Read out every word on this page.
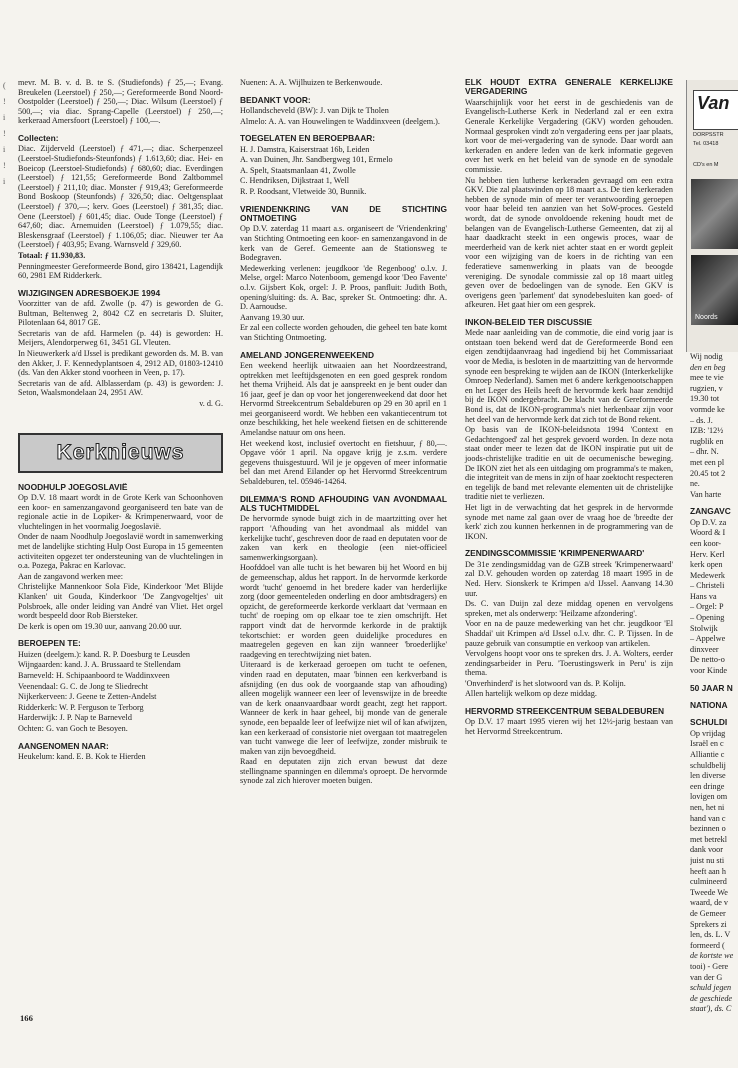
(
!
i
!
i
!
i

mevr. M. B. v. d. B. te S. (Studiefonds) ƒ 25,—; Evang. Breukelen (Leerstoel) ƒ 250,—; Gereformeerde Bond Noord-Oostpolder (Leerstoel) ƒ 250,—; Diac. Wilsum (Leerstoel) ƒ 500,—; via diac. Sprang-Capelle (Leerstoel) ƒ 250,—; kerkeraad Amersfoort (Leerstoel) ƒ 100,—.

Collecten:

Diac. Zijderveld (Leerstoel) ƒ 471,—; diac. Scherpenzeel (Leerstoel-Studiefonds-Steunfonds) ƒ 1.613,60; diac. Hei- en Boeicop (Leerstoel-Studiefonds) ƒ 680,60; diac. Everdingen (Leerstoel) ƒ 121,55; Gereformeerde Bond Zaltbommel (Leerstoel) ƒ 211,10; diac. Monster ƒ 919,43; Gereformeerde Bond Boskoop (Steunfonds) ƒ 326,50; diac. Oeltgensplaat (Leerstoel) ƒ 370,—; kerv. Goes (Leerstoel) ƒ 381,35; diac. Oene (Leerstoel) ƒ 601,45; diac. Oude Tonge (Leerstoel) ƒ 647,60; diac. Arnemuiden (Leerstoel) ƒ 1.079,55; diac. Bleskensgraaf (Leerstoel) ƒ 1.106,05; diac. Nieuwer ter Aa (Leerstoel) ƒ 403,95; Evang. Warnsveld ƒ 329,60.

Totaal: ƒ 11.930,83.

Penningmeester Gereformeerde Bond, giro 138421, Lagendijk 60, 2981 EM Ridderkerk.

WIJZIGINGEN ADRESBOEKJE 1994

Voorzitter van de afd. Zwolle (p. 47) is geworden de G. Bultman, Beltenweg 2, 8042 CZ en secretaris D. Sluiter, Pilotenlaan 64, 8017 GE.

Secretaris van de afd. Harmelen (p. 44) is geworden: H. Meijers, Alendorperweg 61, 3451 GL Vleuten.

In Nieuwerkerk a/d IJssel is predikant geworden ds. M. B. van den Akker, J. F. Kennedyplantsoen 4, 2912 AD, 01803-12410 (ds. Van den Akker stond voorheen in Veen, p. 17).

Secretaris van de afd. Alblasserdam (p. 43) is geworden: J. Seton, Waalsmondelaan 24, 2951 AW.

v. d. G.

Kerknieuws
NOODHULP JOEGOSLAVIË

Op D.V. 18 maart wordt in de Grote Kerk van Schoonhoven een koor- en samenzangavond georganiseerd ten bate van de regionale actie in de Lopiker- & Krimpenerwaard, voor de vluchtelingen in het voormalig Joegoslavië.

Onder de naam Noodhulp Joegoslavië wordt in samenwerking met de landelijke stichting Hulp Oost Europa in 15 gemeenten activiteiten opgezet ter ondersteuning van de vluchtelingen in o.a. Pozega, Pakrac en Karlovac.

Aan de zangavond werken mee:

Christelijke Mannenkoor Sola Fide, Kinderkoor 'Met Blijde Klanken' uit Gouda, Kinderkoor 'De Zangvogeltjes' uit Polsbroek, alle onder leiding van André van Vliet. Het orgel wordt bespeeld door Rob Biersteker.

De kerk is open om 19.30 uur, aanvang 20.00 uur.

BEROEPEN TE:

Huizen (deelgem.): kand. R. P. Doesburg te Leusden

Wijngaarden: kand. J. A. Brussaard te Stellendam

Barneveld: H. Schipaanboord te Waddinxveen

Veenendaal: G. C. de Jong te Sliedrecht

Nijkerkerveen: J. Geene te Zetten-Andelst

Ridderkerk: W. P. Ferguson te Terborg

Harderwijk: J. P. Nap te Barneveld

Ochten: G. van Goch te Besoyen.

AANGENOMEN NAAR:

Heukelum: kand. E. B. Kok te Hierden

Nuenen: A. A. Wijlhuizen te Berkenwoude.

BEDANKT VOOR:

Hollandscheveld (BW): J. van Dijk te Tholen

Almelo: A. A. van Houwelingen te Waddinxveen (deelgem.).

TOEGELATEN EN BEROEPBAAR:

H. J. Damstra, Kaiserstraat 16b, Leiden

A. van Duinen, Jhr. Sandbergweg 101, Ermelo

A. Spelt, Staatsmanlaan 41, Zwolle

C. Hendriksen, Dijkstraat 1, Well

R. P. Roodsant, Vletweide 30, Bunnik.

VRIENDENKRING VAN DE STICHTING ONTMOETING

Op D.V. zaterdag 11 maart a.s. organiseert de 'Vriendenkring' van Stichting Ontmoeting een koor- en samenzangavond in de kerk van de Geref. Gemeente aan de Stationsweg te Bodegraven.

Medewerking verlenen: jeugdkoor 'de Regenboog' o.l.v. J. Melse, orgel: Marco Notenboom, gemengd koor 'Deo Favente' o.l.v. Gijsbert Kok, orgel: J. P. Proos, panfluit: Judith Both, opening/sluiting: ds. A. Bac, spreker St. Ontmoeting: dhr. A. D. Aarnoudse.

Aanvang 19.30 uur.

Er zal een collecte worden gehouden, die geheel ten bate komt van Stichting Ontmoeting.

AMELAND JONGERENWEEKEND

Een weekend heerlijk uitwaaien aan het Noordzeestrand, optrekken met leeftijdsgenoten en een goed gesprek rondom het thema Vrijheid. Als dat je aanspreekt en je bent ouder dan 16 jaar, geef je dan op voor het jongerenweekend dat door het Hervormd Streekcentrum Sebaldeburen op 29 en 30 april en 1 mei georganiseerd wordt. We hebben een vakantiecentrum tot onze beschikking, het hele weekend fietsen en de schitterende Amelandse natuur om ons heen.

Het weekend kost, inclusief overtocht en fietshuur, ƒ 80,—. Opgave vóór 1 april. Na opgave krijg je z.s.m. verdere gegevens thuisgestuurd. Wil je je opgeven of meer informatie bel dan met Arend Eilander op het Hervormd Streekcentrum Sebaldeburen, tel. 05946-14264.

DILEMMA'S ROND AFHOUDING VAN AVONDMAAL ALS TUCHTMIDDEL

De hervormde synode buigt zich in de maartzitting over het rapport 'Afhouding van het avondmaal als middel van kerkelijke tucht', geschreven door de raad en deputaten voor de zaken van kerk en theologie (een niet-officieel samenwerkingsorgaan).

Hoofddoel van alle tucht is het bewaren bij het Woord en bij de gemeenschap, aldus het rapport. In de hervormde kerkorde wordt 'tucht' genoemd in het bredere kader van herderlijke zorg (door gemeenteleden onderling en door ambtsdragers) en opzicht, de gereformeerde kerkorde verklaart dat 'vermaan en tucht' de roeping om op elkaar toe te zien omschrijft. Het rapport vindt dat de hervormde kerkorde in de praktijk tekortschiet: er worden geen duidelijke procedures en maatregelen gegeven en kan zijn wanneer 'broederlijke' raadgeving en terechtwijzing niet baten.

Uiteraard is de kerkeraad geroepen om tucht te oefenen, vinden raad en deputaten, maar 'binnen een kerkverband is afsnijding (en dus ook de voorgaande stap van afhouding) alleen mogelijk wanneer een leer of levenswijze in de breedte van de kerk onaanvaardbaar wordt geacht, zegt het rapport. Wanneer de kerk in haar geheel, bij monde van de generale synode, een bepaalde leer of leefwijze niet wil of kan afwijzen, kan een kerkeraad of consistorie niet overgaan tot maatregelen van tucht vanwege die leer of leefwijze, zonder misbruik te maken van zijn bevoegdheid.

Raad en deputaten zijn zich ervan bewust dat deze stellingname spanningen en dilemma's oproept. De hervormde synode zal zich hierover moeten buigen.

ELK HOUDT EXTRA GENERALE KERKELIJKE VERGADERING

Waarschijnlijk voor het eerst in de geschiedenis van de Evangelisch-Lutherse Kerk in Nederland zal er een extra Generale Kerkelijke Vergadering (GKV) worden gehouden. Normaal gesproken vindt zo'n vergadering eens per jaar plaats, kort voor de mei-vergadering van de synode. Daar wordt aan kerkeraden en andere leden van de kerk informatie gegeven over het werk en het beleid van de synode en de synodale commissie.

Nu hebben tien lutherse kerkeraden gevraagd om een extra GKV. Die zal plaatsvinden op 18 maart a.s. De tien kerkeraden hebben de synode min of meer ter verantwoording geroepen voor haar beleid ten aanzien van het SoW-proces. Gesteld wordt, dat de synode onvoldoende rekening houdt met de belangen van de Evangelisch-Lutherse Gemeenten, dat zij al haar daadkracht steekt in een ongewis proces, waar de meerderheid van de kerk niet achter staat en er wordt gepleit voor een wijziging van de koers in de richting van een federatieve samenwerking in plaats van de beoogde vereniging. De synodale commissie zal op 18 maart uitleg geven over de bedoelingen van de synode. Een GKV is overigens geen 'parlement' dat synodebesluiten kan goed- of afkeuren. Het gaat hier om een gesprek.

INKON-BELEID TER DISCUSSIE

Mede naar aanleiding van de commotie, die eind vorig jaar is ontstaan toen bekend werd dat de Gereformeerde Bond een eigen zendtijdaanvraag had ingediend bij het Commissariaat voor de Media, is besloten in de maartzitting van de hervormde synode een bespreking te wijden aan de IKON (Interkerkelijke Omroep Nederland). Samen met 6 andere kerkgenootschappen en het Leger des Heils heeft de hervormde kerk haar zendtijd bij de IKON ondergebracht. De klacht van de Gereformeerde Bond is, dat de IKON-programma's niet herkenbaar zijn voor het deel van de hervormde kerk dat zich tot de Bond rekent.

Op basis van de IKON-beleidsnota 1994 'Context en Gedachtengoed' zal het gesprek gevoerd worden. In deze nota staat onder meer te lezen dat de IKON inspiratie put uit de joods-christelijke traditie en uit de oecumenische beweging. De IKON ziet het als een uitdaging om programma's te maken, die integriteit van de mens in zijn of haar zoektocht respecteren en tegelijk de band met relevante elementen uit de christelijke traditie niet te verliezen.

Het ligt in de verwachting dat het gesprek in de hervormde synode met name zal gaan over de vraag hoe de 'breedte der kerk' zich zou kunnen herkennen in de programmering van de IKON.

ZENDINGSCOMMISSIE 'KRIMPENERWAARD'

De 31e zendingsmiddag van de GZB streek 'Krimpenerwaard' zal D.V. gehouden worden op zaterdag 18 maart 1995 in de Ned. Herv. Sionskerk te Krimpen a/d IJssel. Aanvang 14.30 uur.

Ds. C. van Duijn zal deze middag openen en vervolgens spreken, met als onderwerp: 'Heilzame afzondering'.

Voor en na de pauze medewerking van het chr. jeugdkoor 'El Shaddai' uit Krimpen a/d IJssel o.l.v. dhr. C. P. Tijssen. In de pauze gebruik van consumptie en verkoop van artikelen.

Vervolgens hoopt voor ons te spreken drs. J. A. Wolters, eerder zendingsarbeider in Peru. 'Toerustingswerk in Peru' is zijn thema.

'Onverhinderd' is het slotwoord van ds. P. Kolijn.

Allen hartelijk welkom op deze middag.

HERVORMD STREEKCENTRUM SEBALDEBUREN

Op D.V. 17 maart 1995 vieren wij het 12½-jarig bestaan van het Hervormd Streekcentrum.

Van
DORPSSTR
Tel. 03418
CD's en M
Noords

Wij nodig

den en beg

mee te vie

rugzien, v

19.30 tot

vormde ke

– ds. J.

IZB: '12½

rugblik en

– dhr. N.

met een pl

20.45 tot 2

ne.

Van harte

ZANGAVC

Op D.V. za

Woord & I

een koor-

Herv. Kerl

kerk open

Medewerk

– Christeli

Hans va

– Orgel: P

– Opening

Stolwijk

– Appelwe

dinxveer

De netto-o

voor Kinde

50 JAAR N
NATIONA
SCHULDI

Op vrijdag

Israël en c

Alliantie c

schuldbelij

len diverse

een dringe

lovigen om

nen, het ni

hand van c

bezinnen o

met betrekl

dank voor

juist nu sti

heeft aan h

culmineerd

Tweede We

waard, de v

de Gemeer

Sprekers zi

len, ds. L. V

formeerd (

de kortste we

tooi) - Gere

van der G

schuld jegen

de geschiede

staat'), ds. C

166
